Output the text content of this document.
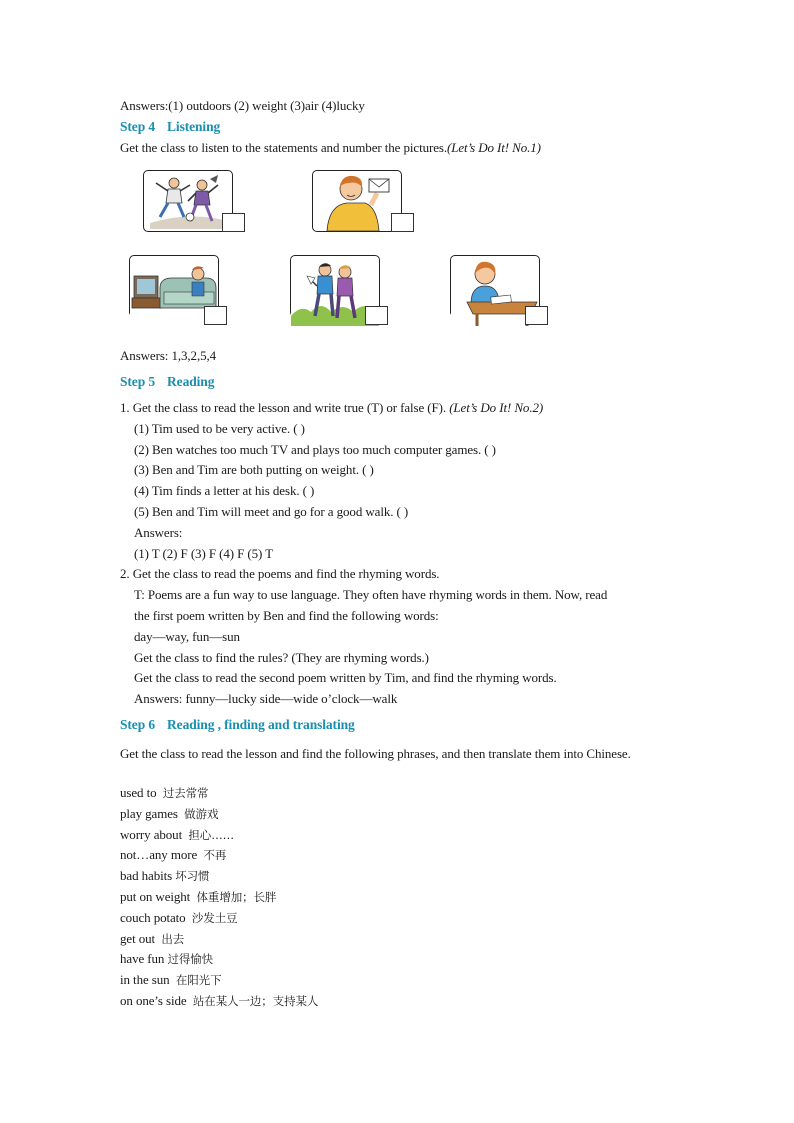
Answers:(1) outdoors (2) weight (3)air (4)lucky
Step 4 Listening
Get the class to listen to the statements and number the pictures.(Let’s Do It! No.1)
Answers: 1,3,2,5,4
Step 5 Reading
1. Get the class to read the lesson and write true (T) or false (F). (Let’s Do It! No.2)
(1) Tim used to be very active. ( )
(2) Ben watches too much TV and plays too much computer games. ( )
(3) Ben and Tim are both putting on weight. ( )
(4) Tim finds a letter at his desk. ( )
(5) Ben and Tim will meet and go for a good walk. ( )
Answers:
(1) T (2) F (3) F (4) F (5) T
2. Get the class to read the poems and find the rhyming words.
T: Poems are a fun way to use language. They often have rhyming words in them. Now, read
the first poem written by Ben and find the following words:
day—way, fun—sun
Get the class to find the rules? (They are rhyming words.)
Get the class to read the second poem written by Tim, and find the rhyming words.
Answers: funny—lucky side—wide o’clock—walk
Step 6 Reading , finding and translating
Get the class to read the lesson and find the following phrases, and then translate them into Chinese.
used to 过去常常
play games 做游戏
worry about 担心……
not…any more 不再
bad habits 坏习惯
put on weight 体重增加；长胖
couch potato 沙发土豆
get out 出去
have fun 过得愉快
in the sun 在阳光下
on one’s side 站在某人一边；支持某人
